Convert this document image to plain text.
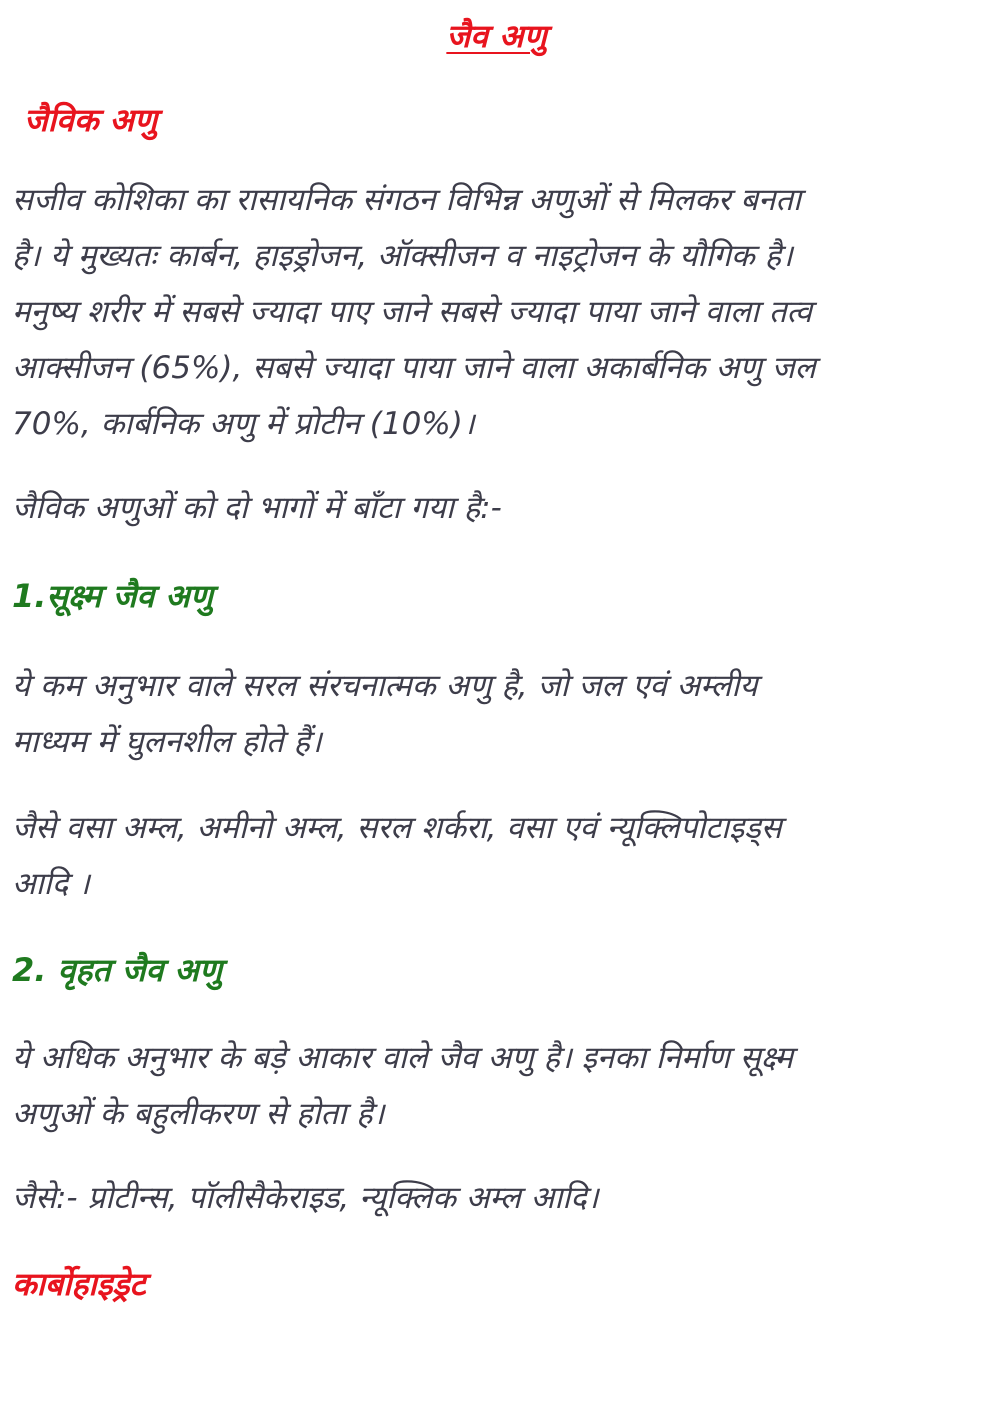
जैव अणु
जैविक अणु
सजीव कोशिका का रासायनिक संगठन विभिन्न अणुओं से मिलकर बनता
है। ये मुख्यतः कार्बन, हाइड्रोजन, ऑक्सीजन व नाइट्रोजन के यौगिक है।
मनुष्य शरीर में सबसे ज्यादा पाए जाने सबसे ज्यादा पाया जाने वाला तत्व
आक्सीजन (65%), सबसे ज्यादा पाया जाने वाला अकार्बनिक अणु जल
70%, कार्बनिक अणु में प्रोटीन (10%)।
जैविक अणुओं को दो भागों में बाँटा गया है:-
1.सूक्ष्म जैव अणु
ये कम अनुभार वाले सरल संरचनात्मक अणु है, जो जल एवं अम्लीय
माध्यम में घुलनशील होते हैं।
जैसे वसा अम्ल, अमीनो अम्ल, सरल शर्करा, वसा एवं न्यूक्लिपोटाइड्स
आदि ।
2. वृहत जैव अणु
ये अधिक अनुभार के बड़े आकार वाले जैव अणु है। इनका निर्माण सूक्ष्म
अणुओं के बहुलीकरण से होता है।
जैसे:- प्रोटीन्स, पॉलीसैकेराइड, न्यूक्लिक अम्ल आदि।
कार्बोहाइड्रेट
